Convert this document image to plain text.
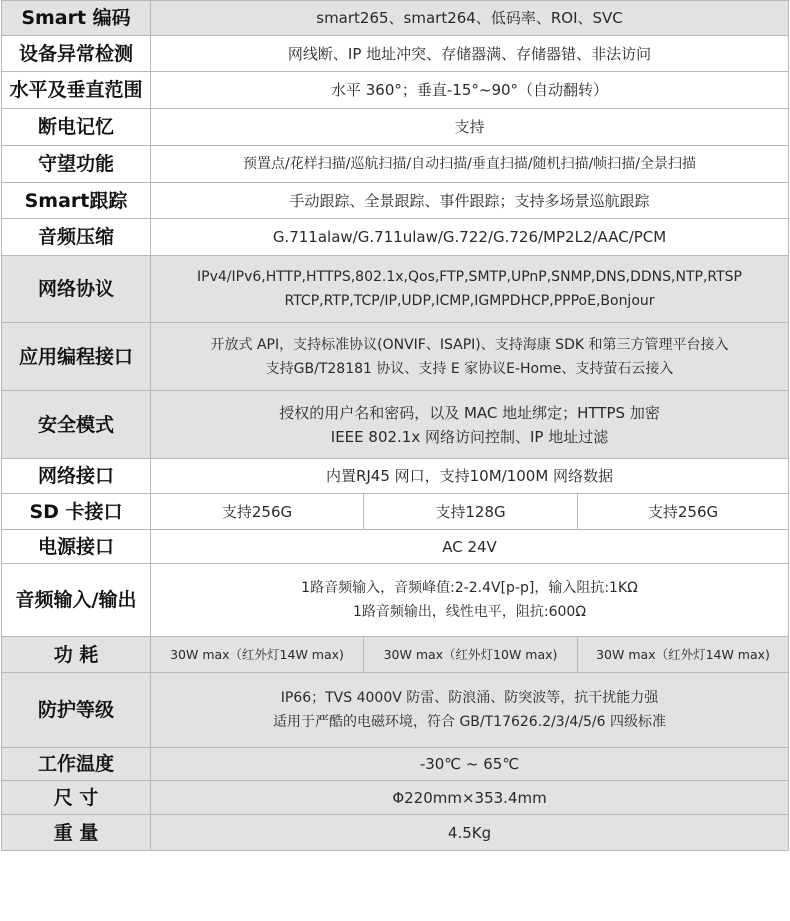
Smart 编码	smart265、smart264、低码率、ROI、SVC		
设备异常检测	网线断、IP 地址冲突、存储器满、存储器错、非法访问		
水平及垂直范围	水平 360°；垂直-15°~90°（自动翻转）		
断电记忆	支持		
守望功能	预置点/花样扫描/巡航扫描/自动扫描/垂直扫描/随机扫描/帧扫描/全景扫描		
Smart跟踪	手动跟踪、全景跟踪、事件跟踪；支持多场景巡航跟踪		
音频压缩	G.711alaw/G.711ulaw/G.722/G.726/MP2L2/AAC/PCM		
网络协议	IPv4/IPv6,HTTP,HTTPS,802.1x,Qos,FTP,SMTP,UPnP,SNMP,DNS,DDNS,NTP,RTSP
RTCP,RTP,TCP/IP,UDP,ICMP,IGMPDHCP,PPPoE,Bonjour		

应用编程接口	开放式 API，支持标准协议(ONVIF、ISAPI)、支持海康 SDK 和第三方管理平台接入
支持GB/T28181 协议、支持 E 家协议E-Home、支持萤石云接入		

安全模式	授权的用户名和密码，以及 MAC 地址绑定；HTTPS 加密
IEEE 802.1x 网络访问控制、IP 地址过滤		

网络接口	内置RJ45 网口，支持10M/100M 网络数据		
SD 卡接口	支持256G	支持128G	支持256G
电源接口	AC 24V		
音频输入/输出	1路音频输入，音频峰值:2-2.4V[p-p]，输入阻抗:1KΩ
1路音频输出，线性电平，阻抗:600Ω		

功 耗	30W max（红外灯14W max)	30W max（红外灯10W max)	30W max（红外灯14W max)
防护等级	IP66；TVS 4000V 防雷、防浪涌、防突波等，抗干扰能力强
适用于严酷的电磁环境，符合 GB/T17626.2/3/4/5/6 四级标准		

工作温度	-30℃ ~ 65℃		
尺 寸	Φ220mm×353.4mm		
重 量	4.5Kg		
